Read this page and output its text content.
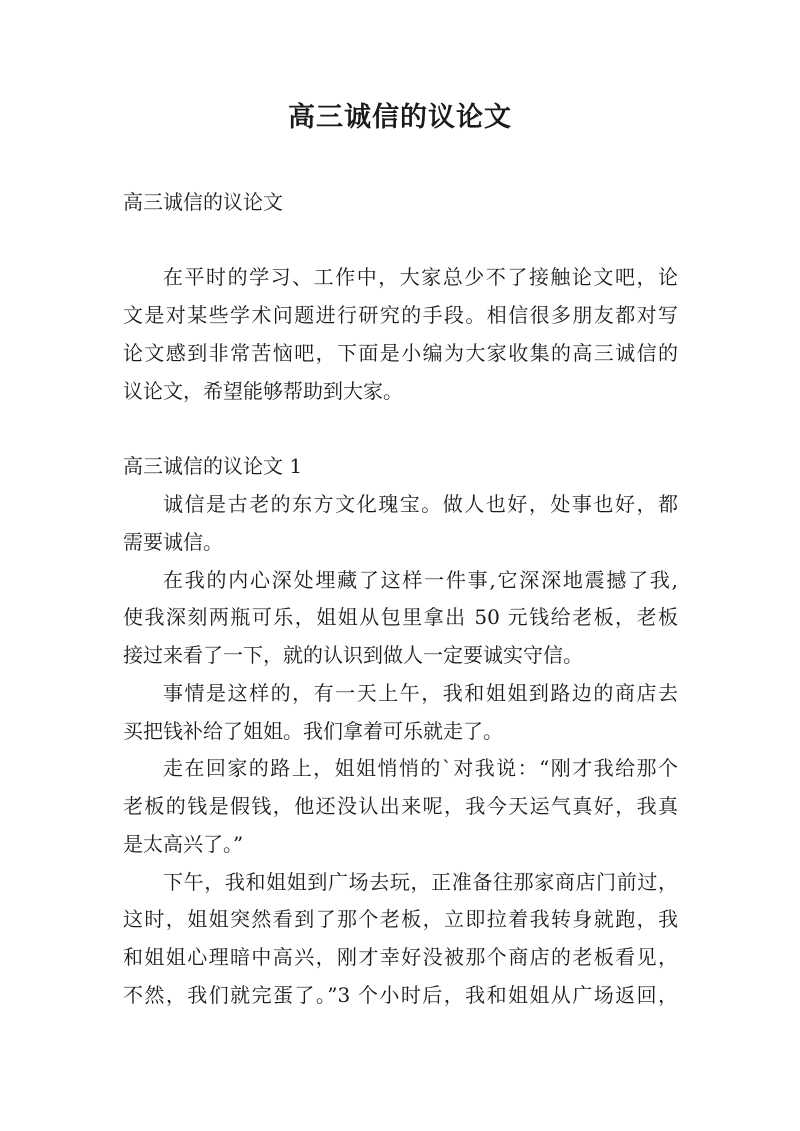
高三诚信的议论文

高三诚信的议论文

在平时的学习、工作中，大家总少不了接触论文吧，论

文是对某些学术问题进行研究的手段。相信很多朋友都对写

论文感到非常苦恼吧，下面是小编为大家收集的高三诚信的

议论文，希望能够帮助到大家。

高三诚信的议论文 1

诚信是古老的东方文化瑰宝。做人也好，处事也好，都

需要诚信。

在我的内心深处埋藏了这样一件事,它深深地震撼了我,

使我深刻两瓶可乐，姐姐从包里拿出 50 元钱给老板，老板

接过来看了一下，就的认识到做人一定要诚实守信。

事情是这样的，有一天上午，我和姐姐到路边的商店去

买把钱补给了姐姐。我们拿着可乐就走了。

走在回家的路上，姐姐悄悄的`对我说：“刚才我给那个

老板的钱是假钱，他还没认出来呢，我今天运气真好，我真

是太高兴了。”

下午，我和姐姐到广场去玩，正准备往那家商店门前过，

这时，姐姐突然看到了那个老板，立即拉着我转身就跑，我

和姐姐心理暗中高兴，刚才幸好没被那个商店的老板看见，

不然，我们就完蛋了。”3 个小时后，我和姐姐从广场返回，
